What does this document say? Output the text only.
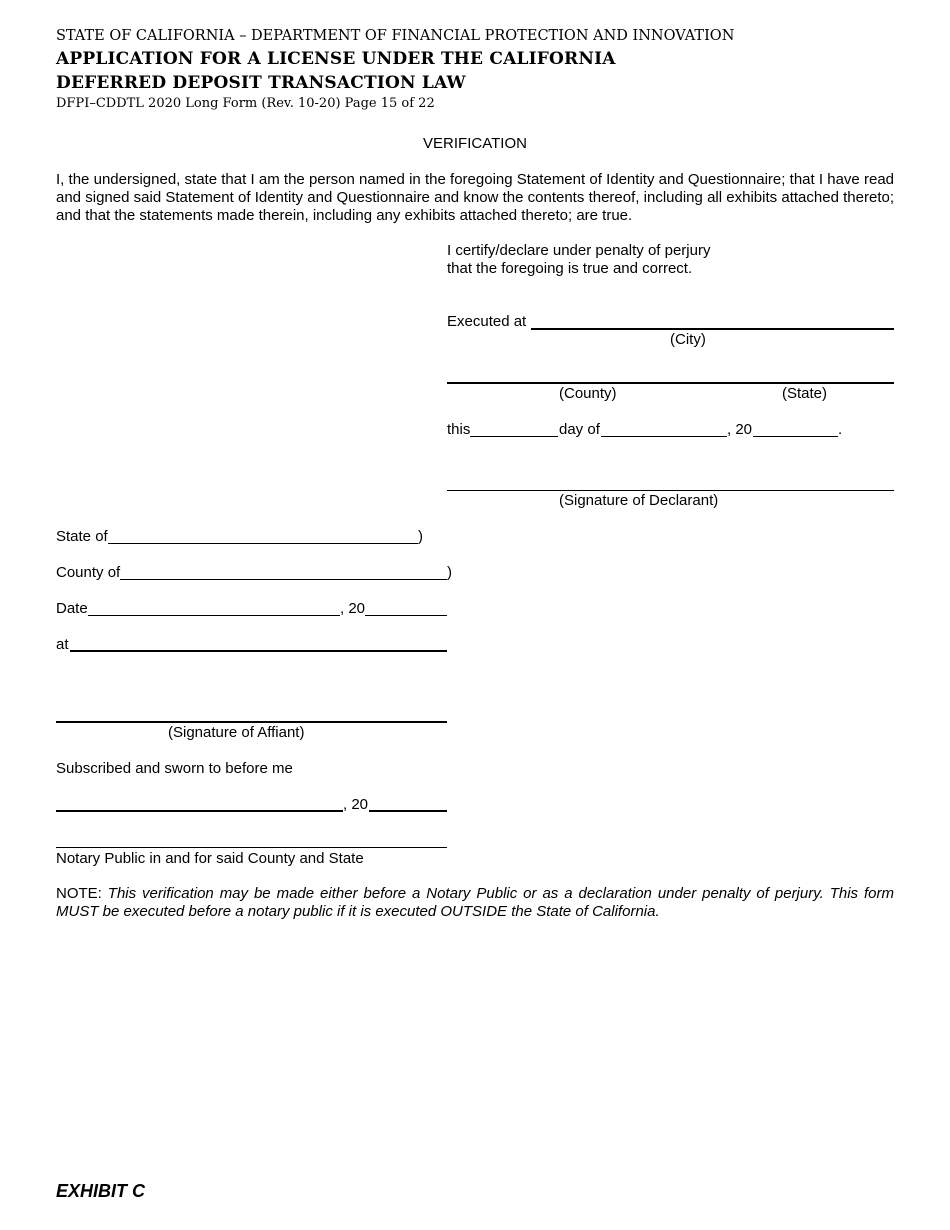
STATE OF CALIFORNIA – DEPARTMENT OF FINANCIAL PROTECTION AND INNOVATION
APPLICATION FOR A LICENSE UNDER THE CALIFORNIA
DEFERRED DEPOSIT TRANSACTION LAW
DFPI–CDDTL 2020 Long Form (Rev. 10-20) Page 15 of 22
VERIFICATION
I, the undersigned, state that I am the person named in the foregoing Statement of Identity and Questionnaire; that I have read and signed said Statement of Identity and Questionnaire and know the contents thereof, including all exhibits attached thereto; and that the statements made therein, including any exhibits attached thereto; are true.
I certify/declare under penalty of perjury
that the foregoing is true and correct.
Executed at
(City)
(County)	(State)
this	day of	, 20	.
(Signature of Declarant)
State of	)
County of	)
Date	, 20
at
(Signature of Affiant)
Subscribed and sworn to before me
, 20
Notary Public in and for said County and State
NOTE: This verification may be made either before a Notary Public or as a declaration under penalty of perjury. This form MUST be executed before a notary public if it is executed OUTSIDE the State of California.
EXHIBIT C
